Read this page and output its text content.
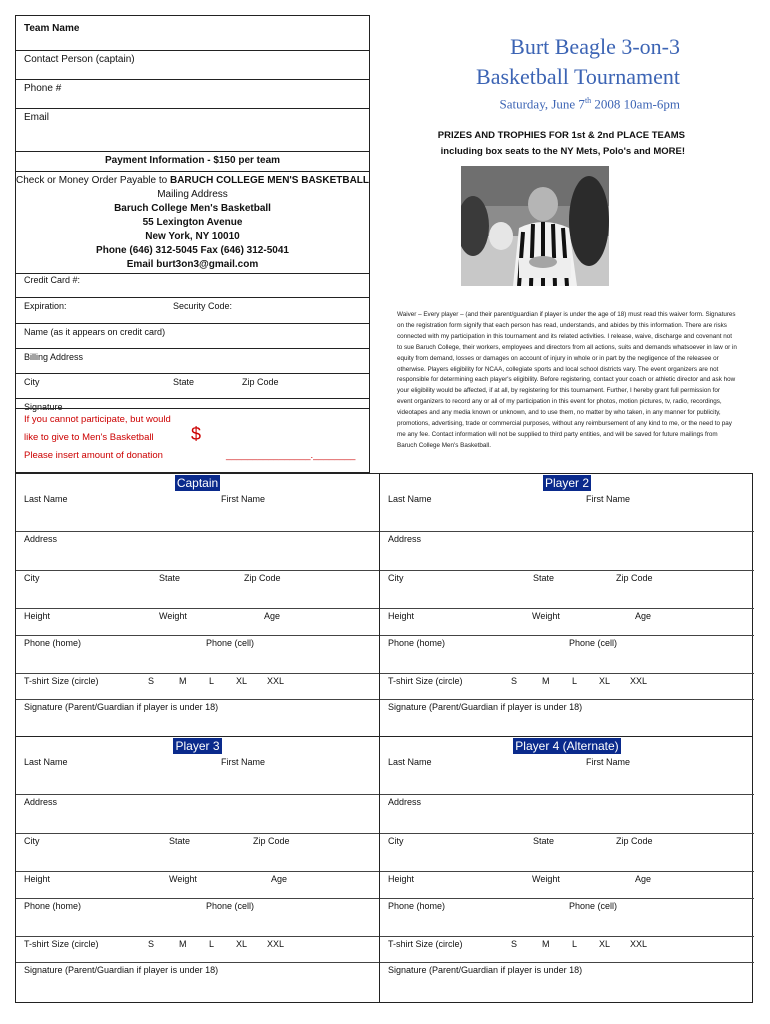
Team Name
Contact Person (captain)
Phone #
Email
Payment Information - $150 per team
Check or Money Order Payable to BARUCH COLLEGE MEN'S BASKETBALL
Mailing Address
Baruch College Men's Basketball
55 Lexington Avenue
New York, NY 10010
Phone (646) 312-5045 Fax (646) 312-5041
Email burt3on3@gmail.com
Credit Card #:
Expiration:	Security Code:
Name (as it appears on credit card)
Billing Address
City	State	Zip Code
Signature
If you cannot participate, but would
like to give to Men's Basketball
Please insert amount of donation
$
________________.________
Burt Beagle 3-on-3
Basketball Tournament
Saturday, June 7th 2008 10am-6pm
PRIZES AND TROPHIES FOR 1st & 2nd PLACE TEAMS
including box seats to the NY Mets, Polo's and MORE!
Waiver – Every player – (and their parent/guardian if player is under the age of 18) must read this waiver form. Signatures on the registration form signify that each person has read, understands, and abides by this information. There are risks connected with my participation in this tournament and its related activities. I release, waive, discharge and covenant not to sue Baruch College, their workers, employees and directors from all actions, suits and demands whatsoever in law or in equity from demand, losses or damages on account of injury in whole or in part by the negligence of the releasee or otherwise. Players eligibility for NCAA, collegiate sports and local school districts vary. The event organizers are not responsible for determining each player's eligibility. Before registering, contact your coach or athletic director and ask how your eligibility would be affected, if at all, by registering for this tournament. Further, I hereby grant full permission for event organizers to record any or all of my participation in this event for photos, motion pictures, tv, radio, recordings, videotapes and any media known or unknown, and to use them, no matter by who taken, in any manner for publicity, promotions, advertising, trade or commercial purposes, without any reimbursement of any kind to me, or the need to pay me any fee. Contact information will not be supplied to third party entities, and will be saved for future mailings from Baruch College Men's Basketball.
Captain
Last Name	First Name
Address
City	State	Zip Code
Height	Weight	Age
Phone (home)	Phone (cell)
T-shirt Size (circle)	S	M	L XL XXL
Signature (Parent/Guardian if player is under 18)
Player 2
Last Name	First Name
Address
City	State	Zip Code
Height	Weight	Age
Phone (home)	Phone (cell)
T-shirt Size (circle)	S	M	L XL XXL
Signature (Parent/Guardian if player is under 18)
Player 3
Last Name	First Name
Address
City	State	Zip Code
Height	Weight	Age
Phone (home)	Phone (cell)
T-shirt Size (circle)	S	M	L XL XXL
Signature (Parent/Guardian if player is under 18)
Player 4 (Alternate)
Last Name	First Name
Address
City	State	Zip Code
Height	Weight	Age
Phone (home)	Phone (cell)
T-shirt Size (circle)	S	M	L XL XXL
Signature (Parent/Guardian if player is under 18)
